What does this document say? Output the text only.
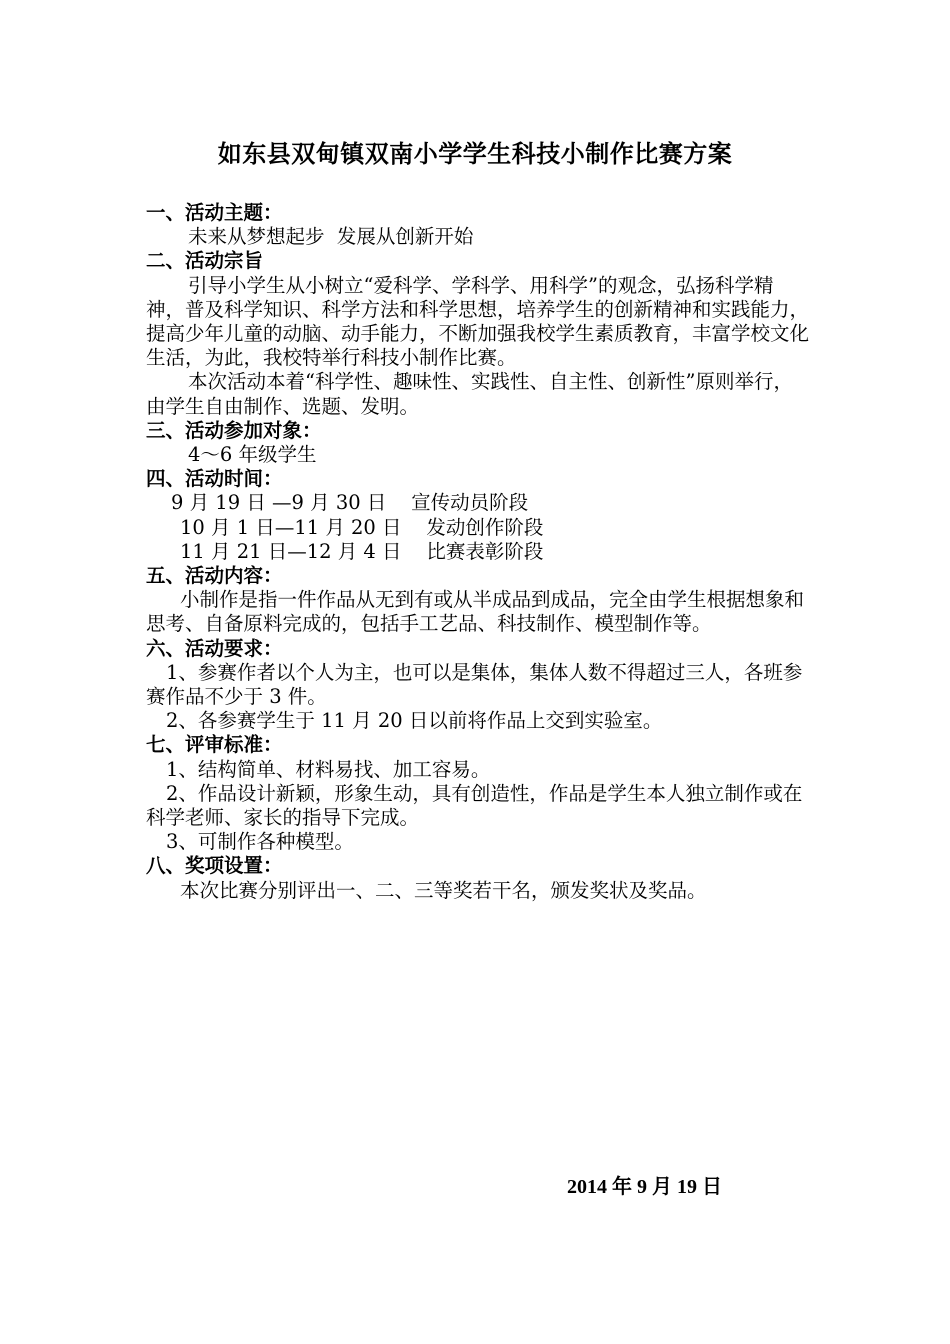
如东县双甸镇双南小学学生科技小制作比赛方案

一、活动主题：

未来从梦想起步  发展从创新开始

二、活动宗旨

引导小学生从小树立“爱科学、学科学、用科学”的观念，弘扬科学精神，普及科学知识、科学方法和科学思想，培养学生的创新精神和实践能力，提高少年儿童的动脑、动手能力，不断加强我校学生素质教育，丰富学校文化生活，为此，我校特举行科技小制作比赛。

本次活动本着“科学性、趣味性、实践性、自主性、创新性”原则举行，由学生自由制作、选题、发明。

三、活动参加对象：

4～6 年级学生

四、活动时间：

9 月 19 日 —9 月 30 日    宣传动员阶段

10 月 1 日—11 月 20 日    发动创作阶段

11 月 21 日—12 月 4 日    比赛表彰阶段

五、活动内容：

小制作是指一件作品从无到有或从半成品到成品，完全由学生根据想象和思考、自备原料完成的，包括手工艺品、科技制作、模型制作等。

六、活动要求：

1、参赛作者以个人为主，也可以是集体，集体人数不得超过三人，各班参赛作品不少于 3 件。

2、各参赛学生于 11 月 20 日以前将作品上交到实验室。

七、评审标准：

1、结构简单、材料易找、加工容易。

2、作品设计新颖，形象生动，具有创造性，作品是学生本人独立制作或在科学老师、家长的指导下完成。

3、可制作各种模型。

八、奖项设置：

本次比赛分别评出一、二、三等奖若干名，颁发奖状及奖品。

2014 年 9 月 19 日
